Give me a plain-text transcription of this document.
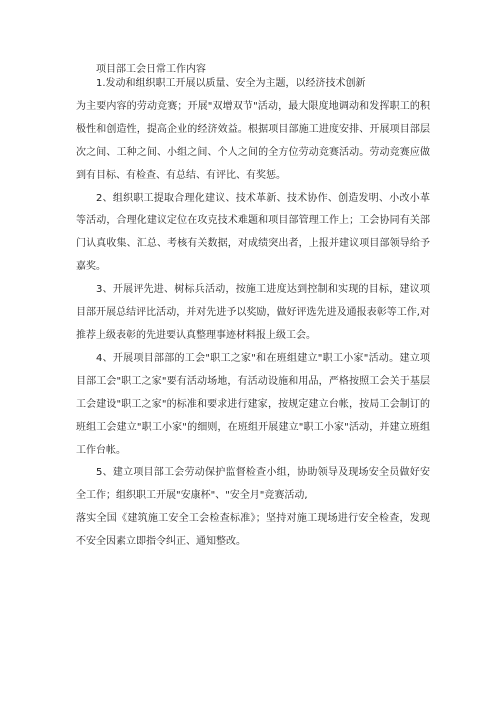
项目部工会日常工作内容

1.发动和组织职工开展以质量、安全为主题，以经济技术创新
为主要内容的劳动竞赛；开展"双增双节"活动，最大限度地调动和发挥职工的积极性和创造性，提高企业的经济效益。根据项目部施工进度安排、开展项目部层次之间、工种之间、小组之间、个人之间的全方位劳动竞赛活动。劳动竞赛应做到有目标、有检查、有总结、有评比、有奖惩。

2、组织职工提取合理化建议、技术革新、技术协作、创造发明、小改小革等活动，合理化建议定位在攻克技术难题和项目部管理工作上；工会协同有关部门认真收集、汇总、考核有关数据，对成绩突出者，上报并建议项目部领导给予嘉奖。

3、开展评先进、树标兵活动，按施工进度达到控制和实现的目标，建议项目部开展总结评比活动，并对先进予以奖励，做好评选先进及通报表彰等工作,对推荐上级表彰的先进要认真整理事迹材料报上级工会。

4、开展项目部部的工会"职工之家"和在班组建立"职工小家"活动。建立项目部工会"职工之家"要有活动场地，有活动设施和用品，严格按照工会关于基层工会建设"职工之家"的标准和要求进行建家，按规定建立台帐，按局工会制订的班组工会建立"职工小家"的细则，在班组开展建立"职工小家"活动，并建立班组工作台帐。

5、建立项目部工会劳动保护监督检查小组，协助领导及现场安全员做好安全工作；组织职工开展"安康杯"、"安全月"竞赛活动,

落实全国《建筑施工安全工会检查标准》；坚持对施工现场进行安全检查，发现不安全因素立即指令纠正、通知整改。
